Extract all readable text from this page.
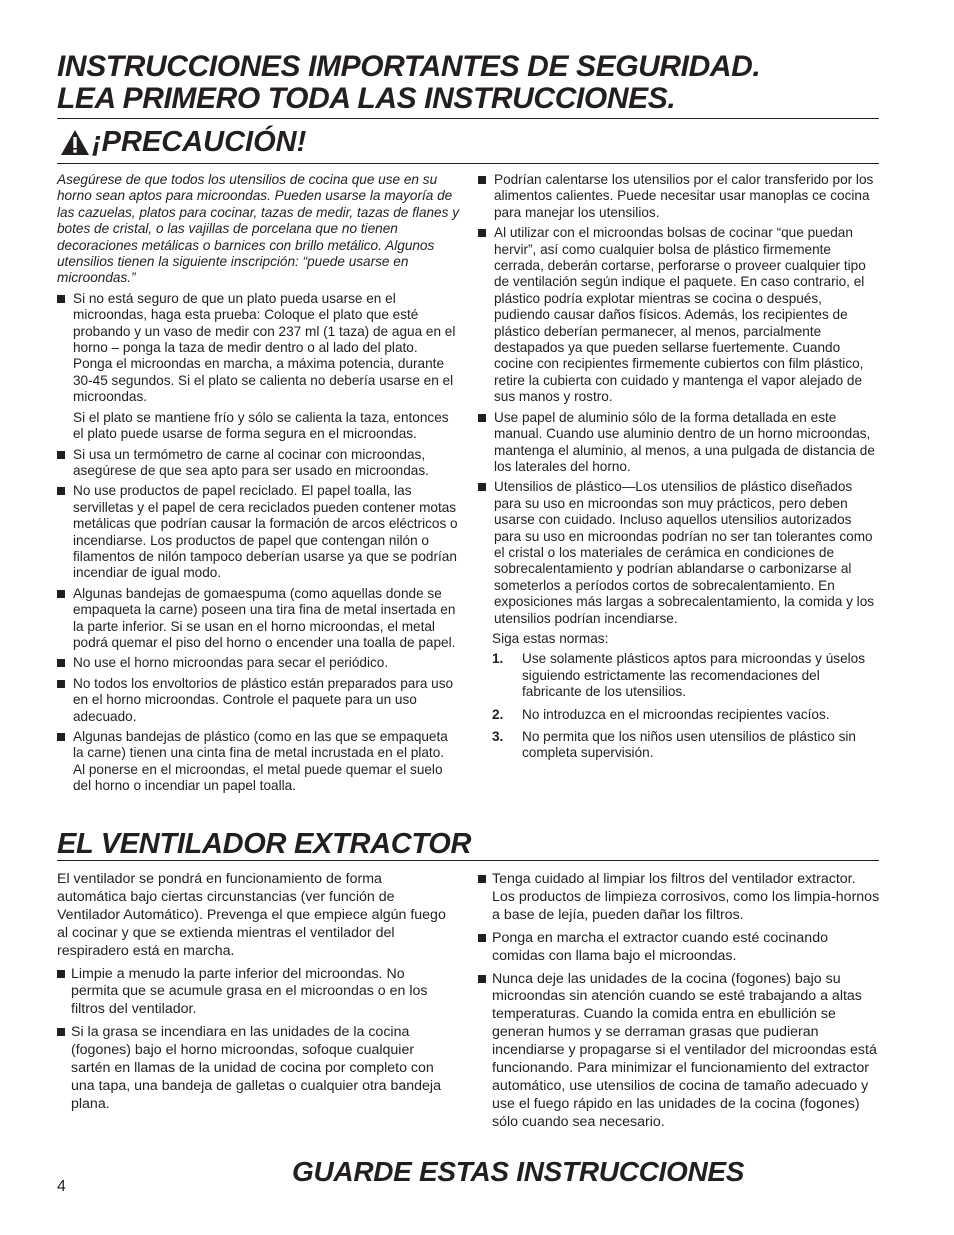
INSTRUCCIONES IMPORTANTES DE SEGURIDAD.
LEA PRIMERO TODA LAS INSTRUCCIONES.
¡PRECAUCIÓN!

Asegúrese de que todos los utensilios de cocina que use en su horno sean aptos para microondas. Pueden usarse la mayoría de las cazuelas, platos para cocinar, tazas de medir, tazas de flanes y botes de cristal, o las vajillas de porcelana que no tienen decoraciones metálicas o barnices con brillo metálico. Algunos utensilios tienen la siguiente inscripción: “puede usarse en microondas.”

Si no está seguro de que un plato pueda usarse en el microondas, haga esta prueba: Coloque el plato que esté probando y un vaso de medir con 237 ml (1 taza) de agua en el horno – ponga la taza de medir dentro o al lado del plato. Ponga el microondas en marcha, a máxima potencia, durante 30-45 segundos. Si el plato se calienta no debería usarse en el microondas.

Si el plato se mantiene frío y sólo se calienta la taza, entonces el plato puede usarse de forma segura en el microondas.

Si usa un termómetro de carne al cocinar con microondas, asegúrese de que sea apto para ser usado en microondas.
No use productos de papel reciclado. El papel toalla, las servilletas y el papel de cera reciclados pueden contener motas metálicas que podrían causar la formación de arcos eléctricos o incendiarse. Los productos de papel que contengan nilón o filamentos de nilón tampoco deberían usarse ya que se podrían incendiar de igual modo.
Algunas bandejas de gomaespuma (como aquellas donde se empaqueta la carne) poseen una tira fina de metal insertada en la parte inferior. Si se usan en el horno microondas, el metal podrá quemar el piso del horno o encender una toalla de papel.
No use el horno microondas para secar el periódico.
No todos los envoltorios de plástico están preparados para uso en el horno microondas. Controle el paquete para un uso adecuado.
Algunas bandejas de plástico (como en las que se empaqueta la carne) tienen una cinta fina de metal incrustada en el plato. Al ponerse en el microondas, el metal puede quemar el suelo del horno o incendiar un papel toalla.
Podrían calentarse los utensilios por el calor transferido por los alimentos calientes. Puede necesitar usar manoplas ce cocina para manejar los utensilios.
Al utilizar con el microondas bolsas de cocinar “que puedan hervir”, así como cualquier bolsa de plástico firmemente cerrada, deberán cortarse, perforarse o proveer cualquier tipo de ventilación según indique el paquete. En caso contrario, el plástico podría explotar mientras se cocina o después, pudiendo causar daños físicos. Además, los recipientes de plástico deberían permanecer, al menos, parcialmente destapados ya que pueden sellarse fuertemente. Cuando cocine con recipientes firmemente cubiertos con film plástico, retire la cubierta con cuidado y mantenga el vapor alejado de sus manos y rostro.
Use papel de aluminio sólo de la forma detallada en este manual. Cuando use aluminio dentro de un horno microondas, mantenga el aluminio, al menos, a una pulgada de distancia de los laterales del horno.
Utensilios de plástico—Los utensilios de plástico diseñados para su uso en microondas son muy prácticos, pero deben usarse con cuidado. Incluso aquellos utensilios autorizados para su uso en microondas podrían no ser tan tolerantes como el cristal o los materiales de cerámica en condiciones de sobrecalentamiento y podrían ablandarse o carbonizarse al someterlos a períodos cortos de sobrecalentamiento. En exposiciones más largas a sobrecalentamiento, la comida y los utensilios podrían incendiarse.

Siga estas normas:

1. Use solamente plásticos aptos para microondas y úselos siguiendo estrictamente las recomendaciones del fabricante de los utensilios.
2. No introduzca en el microondas recipientes vacíos.
3. No permita que los niños usen utensilios de plástico sin completa supervisión.
EL VENTILADOR EXTRACTOR

El ventilador se pondrá en funcionamiento de forma automática bajo ciertas circunstancias (ver función de Ventilador Automático). Prevenga el que empiece algún fuego al cocinar y que se extienda mientras el ventilador del respiradero está en marcha.

Limpie a menudo la parte inferior del microondas. No permita que se acumule grasa en el microondas o en los filtros del ventilador.
Si la grasa se incendiara en las unidades de la cocina (fogones) bajo el horno microondas, sofoque cualquier sartén en llamas de la unidad de cocina por completo con una tapa, una bandeja de galletas o cualquier otra bandeja plana.
Tenga cuidado al limpiar los filtros del ventilador extractor. Los productos de limpieza corrosivos, como los limpia-hornos a base de lejía, pueden dañar los filtros.
Ponga en marcha el extractor cuando esté cocinando comidas con llama bajo el microondas.
Nunca deje las unidades de la cocina (fogones) bajo su microondas sin atención cuando se esté trabajando a altas temperaturas. Cuando la comida entra en ebullición se generan humos y se derraman grasas que pudieran incendiarse y propagarse si el ventilador del microondas está funcionando. Para minimizar el funcionamiento del extractor automático, use utensilios de cocina de tamaño adecuado y use el fuego rápido en las unidades de la cocina (fogones) sólo cuando sea necesario.
4	GUARDE ESTAS INSTRUCCIONES
